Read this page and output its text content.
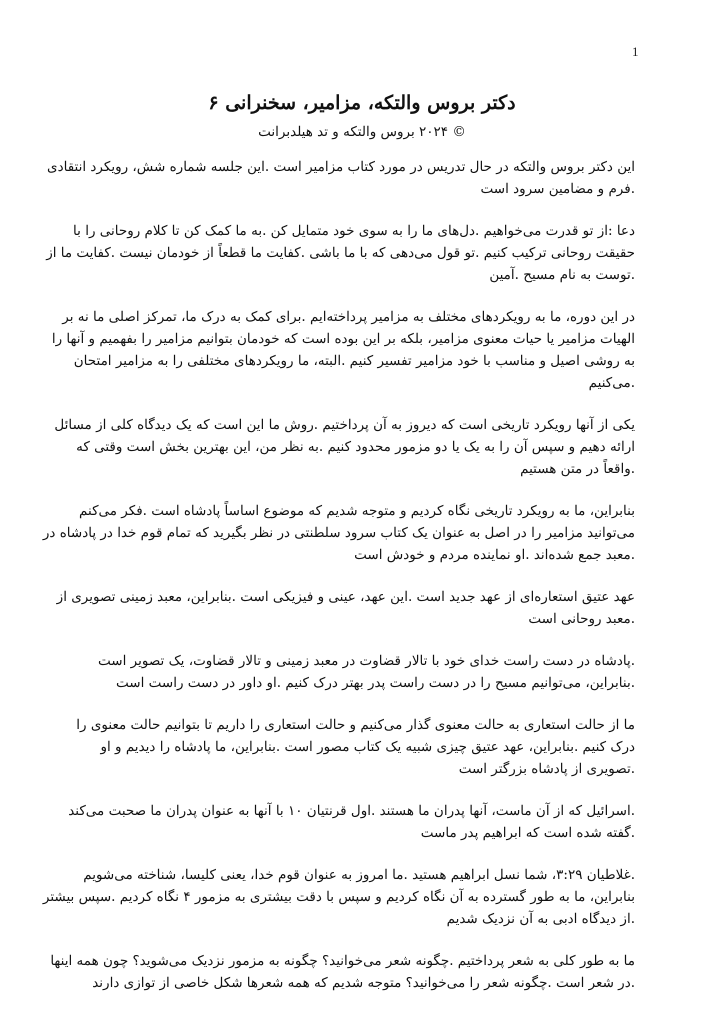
1
دکتر بروس والتکه، مزامیر، سخنرانی ۶
© ۲۰۲۴ بروس والتکه و تد هیلدبرانت

این دکتر بروس والتکه در حال تدریس در مورد کتاب مزامیر است .این جلسه شماره شش، رویکرد انتقادی
.فرم و مضامین سرود است

دعا :از تو قدرت می‌خواهیم .دل‌های ما را به سوی خود متمایل کن .به ما کمک کن تا کلام روحانی را با
حقیقت روحانی ترکیب کنیم .تو قول می‌دهی که با ما باشی .کفایت ما قطعاً از خودمان نیست .کفایت ما از
.توست به نام مسیح .آمین

در این دوره، ما به رویکردهای مختلف به مزامیر پرداخته‌ایم .برای کمک به درک ما، تمرکز اصلی ما نه بر
الهیات مزامیر یا حیات معنوی مزامیر، بلکه بر این بوده است که خودمان بتوانیم مزامیر را بفهمیم و آنها را
به روشی اصیل و مناسب با خود مزامیر تفسیر کنیم .البته، ما رویکردهای مختلفی را به مزامیر امتحان
.می‌کنیم

یکی از آنها رویکرد تاریخی است که دیروز به آن پرداختیم .روش ما این است که یک دیدگاه کلی از مسائل
ارائه دهیم و سپس آن را به یک یا دو مزمور محدود کنیم .به نظر من، این بهترین بخش است وقتی که
.واقعاً در متن هستیم

بنابراین، ما به رویکرد تاریخی نگاه کردیم و متوجه شدیم که موضوع اساساً پادشاه است .فکر می‌کنم
می‌توانید مزامیر را در اصل به عنوان یک کتاب سرود سلطنتی در نظر بگیرید که تمام قوم خدا در پادشاه در
.معبد جمع شده‌اند .او نماینده مردم و خودش است

عهد عتیق استعاره‌ای از عهد جدید است .این عهد، عینی و فیزیکی است .بنابراین، معبد زمینی تصویری از
.معبد روحانی است

.پادشاه در دست راست خدای خود با تالار قضاوت در معبد زمینی و تالار قضاوت، یک تصویر است
.بنابراین، می‌توانیم مسیح را در دست راست پدر بهتر درک کنیم .او داور در دست راست است

ما از حالت استعاری به حالت معنوی گذار می‌کنیم و حالت استعاری را داریم تا بتوانیم حالت معنوی را
درک کنیم .بنابراین، عهد عتیق چیزی شبیه یک کتاب مصور است .بنابراین، ما پادشاه را دیدیم و او
.تصویری از پادشاه بزرگتر است

.اسرائیل که از آن ماست، آنها پدران ما هستند .اول قرنتیان ۱۰ با آنها به عنوان پدران ما صحبت می‌کند
.گفته شده است که ابراهیم پدر ماست

.غلاطیان ۳:۲۹، شما نسل ابراهیم هستید .ما امروز به عنوان قوم خدا، یعنی کلیسا، شناخته می‌شویم
بنابراین، ما به طور گسترده به آن نگاه کردیم و سپس با دقت بیشتری به مزمور ۴ نگاه کردیم .سپس بیشتر
.از دیدگاه ادبی به آن نزدیک شدیم

ما به طور کلی به شعر پرداختیم .چگونه شعر می‌خوانید؟ چگونه به مزمور نزدیک می‌شوید؟ چون همه اینها
.در شعر است .چگونه شعر را می‌خوانید؟ متوجه شدیم که همه شعرها شکل خاصی از توازی دارند
